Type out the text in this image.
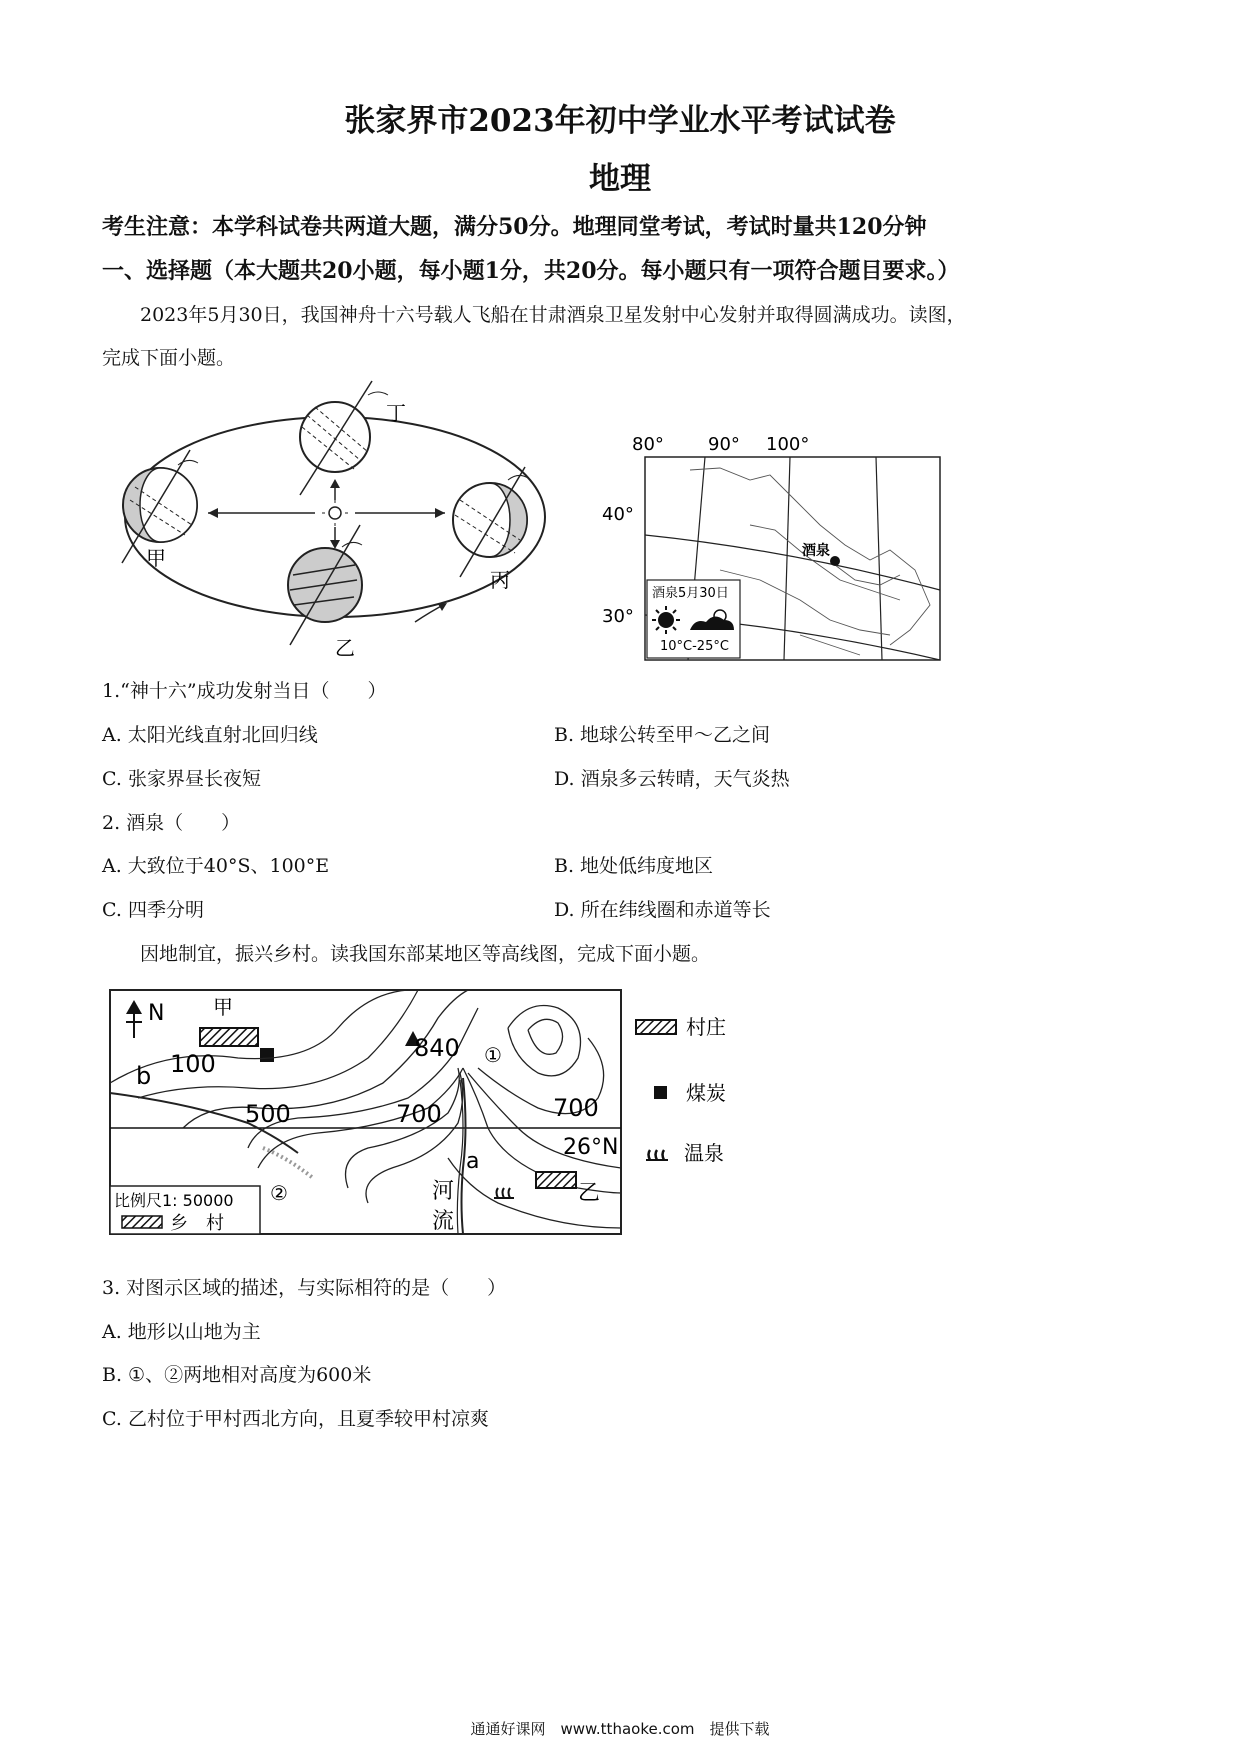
张家界市2023年初中学业水平考试试卷
地理
考生注意：本学科试卷共两道大题，满分50分。地理同堂考试，考试时量共120分钟
一、选择题（本大题共20小题，每小题1分，共20分。每小题只有一项符合题目要求。）
2023年5月30日，我国神舟十六号载人飞船在甘肃酒泉卫星发射中心发射并取得圆满成功。读图，
完成下面小题。
丁
甲
丙
乙
80° 90° 100°
酒泉
40°
30°
酒泉5月30日
10°C-25°C
1.“神十六”成功发射当日（　　）
A. 太阳光线直射北回归线	B. 地球公转至甲～乙之间
C. 张家界昼长夜短	D. 酒泉多云转晴，天气炎热
2. 酒泉（　　）
A. 大致位于40°S、100°E	B. 地处低纬度地区
C. 四季分明	D. 所在纬线圈和赤道等长
因地制宜，振兴乡村。读我国东部某地区等高线图，完成下面小题。
N 甲
b 100
500	700	700
840 ①
②
a
26°N
河
流
乙
比例尺1: 50000
乡　村
村庄
煤炭
温泉
3. 对图示区域的描述，与实际相符的是（　　）
A. 地形以山地为主
B. ①、②两地相对高度为600米
C. 乙村位于甲村西北方向，且夏季较甲村凉爽
通通好课网　www.tthaoke.com　提供下载
